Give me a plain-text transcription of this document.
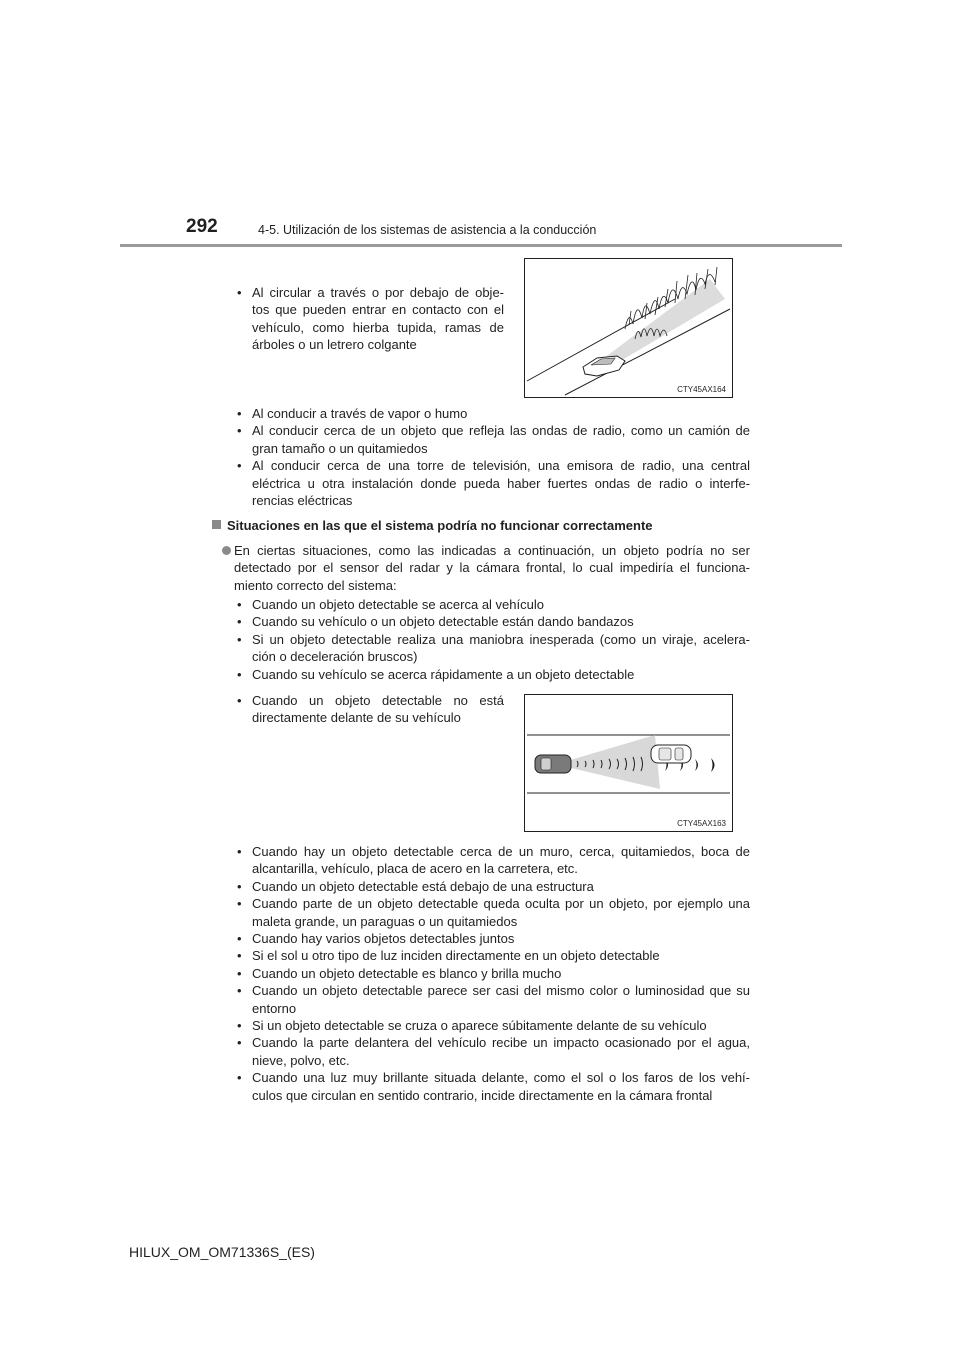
292	4-5. Utilización de los sistemas de asistencia a la conducción
• Al circular a través o por debajo de obje- tos que pueden entrar en contacto con el vehículo, como hierba tupida, ramas de árboles o un letrero colgante
CTY45AX164
• Al conducir a través de vapor o humo
• Al conducir cerca de un objeto que refleja las ondas de radio, como un camión de gran tamaño o un quitamiedos
• Al conducir cerca de una torre de televisión, una emisora de radio, una central eléctrica u otra instalación donde pueda haber fuertes ondas de radio o interfe- rencias eléctricas
Situaciones en las que el sistema podría no funcionar correctamente
En ciertas situaciones, como las indicadas a continuación, un objeto podría no ser detectado por el sensor del radar y la cámara frontal, lo cual impediría el funciona- miento correcto del sistema:
• Cuando un objeto detectable se acerca al vehículo
• Cuando su vehículo o un objeto detectable están dando bandazos
• Si un objeto detectable realiza una maniobra inesperada (como un viraje, acelera- ción o deceleración bruscos)
• Cuando su vehículo se acerca rápidamente a un objeto detectable
• Cuando un objeto detectable no está directamente delante de su vehículo
CTY45AX163
• Cuando hay un objeto detectable cerca de un muro, cerca, quitamiedos, boca de alcantarilla, vehículo, placa de acero en la carretera, etc.
• Cuando un objeto detectable está debajo de una estructura
• Cuando parte de un objeto detectable queda oculta por un objeto, por ejemplo una maleta grande, un paraguas o un quitamiedos
• Cuando hay varios objetos detectables juntos
• Si el sol u otro tipo de luz inciden directamente en un objeto detectable
• Cuando un objeto detectable es blanco y brilla mucho
• Cuando un objeto detectable parece ser casi del mismo color o luminosidad que su entorno
• Si un objeto detectable se cruza o aparece súbitamente delante de su vehículo
• Cuando la parte delantera del vehículo recibe un impacto ocasionado por el agua, nieve, polvo, etc.
• Cuando una luz muy brillante situada delante, como el sol o los faros de los vehí- culos que circulan en sentido contrario, incide directamente en la cámara frontal
HILUX_OM_OM71336S_(ES)
